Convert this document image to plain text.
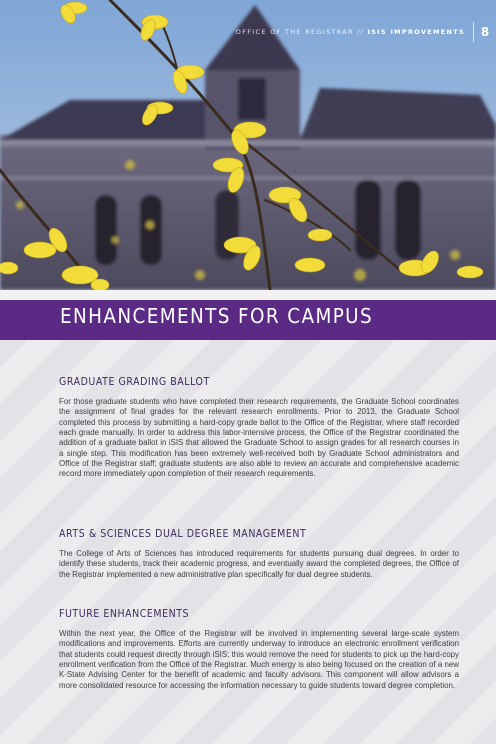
OFFICE OF THE REGISTRAR // ISIS IMPROVEMENTS	8
ENHANCEMENTS FOR CAMPUS
GRADUATE GRADING BALLOT

For those graduate students who have completed their research requirements, the Graduate School coordinates the assignment of final grades for the relevant research enrollments. Prior to 2013, the Graduate School completed this process by submitting a hard-copy grade ballot to the Office of the Registrar, where staff recorded each grade manually. In order to address this labor-intensive process, the Office of the Registrar coordinated the addition of a graduate ballot in iSIS that allowed the Graduate School to assign grades for all research courses in a single step. This modification has been extremely well-received both by Graduate School administrators and Office of the Registrar staff; graduate students are also able to review an accurate and comprehensive academic record more immediately upon completion of their research requirements.

ARTS & SCIENCES DUAL DEGREE MANAGEMENT

The College of Arts of Sciences has introduced requirements for students pursuing dual degrees. In order to identify these students, track their academic progress, and eventually award the completed degrees, the Office of the Registrar implemented a new administrative plan specifically for dual degree students.

FUTURE ENHANCEMENTS

Within the next year, the Office of the Registrar will be involved in implementing several large-scale system modifications and improvements. Efforts are currently underway to introduce an electronic enrollment verification that students could request directly through iSIS; this would remove the need for students to pick up the hard-copy enrollment verification from the Office of the Registrar. Much energy is also being focused on the creation of a new K-State Advising Center for the benefit of academic and faculty advisors. This component will allow advisors a more consolidated resource for accessing the information necessary to guide students toward degree completion.
